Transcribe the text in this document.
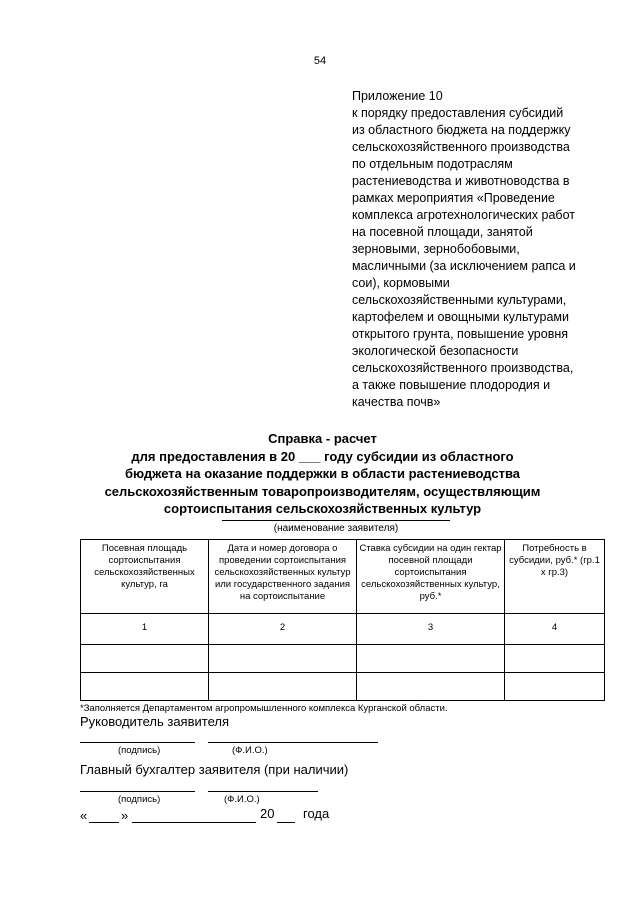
54
Приложение 10
к порядку предоставления субсидий
из областного бюджета на поддержку
сельскохозяйственного производства
по отдельным подотраслям
растениеводства и животноводства в
рамках мероприятия «Проведение
комплекса агротехнологических работ
на посевной площади, занятой
зерновыми, зернобобовыми,
масличными (за исключением рапса и
сои), кормовыми
сельскохозяйственными культурами,
картофелем и овощными культурами
открытого грунта, повышение уровня
экологической безопасности
сельскохозяйственного производства,
а также повышение плодородия и
качества почв»
Справка - расчет
для предоставления в 20 ___ году субсидии из областного
бюджета на оказание поддержки в области растениеводства
сельскохозяйственным товаропроизводителям, осуществляющим
сортоиспытания сельскохозяйственных культур
(наименование заявителя)
Посевная площадь сортоиспытания сельскохозяйственных культур, га	Дата и номер договора о проведении сортоиспытания сельскохозяйственных культур или государственного задания на сортоиспытание	Ставка субсидии на один гектар посевной площади сортоиспытания сельскохозяйственных культур, руб.*	Потребность в субсидии, руб.* (гр.1 х гр.3)
1	2	3	4

*Заполняется Департаментом агропромышленного комплекса Курганской области.
Руководитель заявителя
(подпись)	(Ф.И.О.)
Главный бухгалтер заявителя (при наличии)
(подпись)	(Ф.И.О.)
«	»	20 года
